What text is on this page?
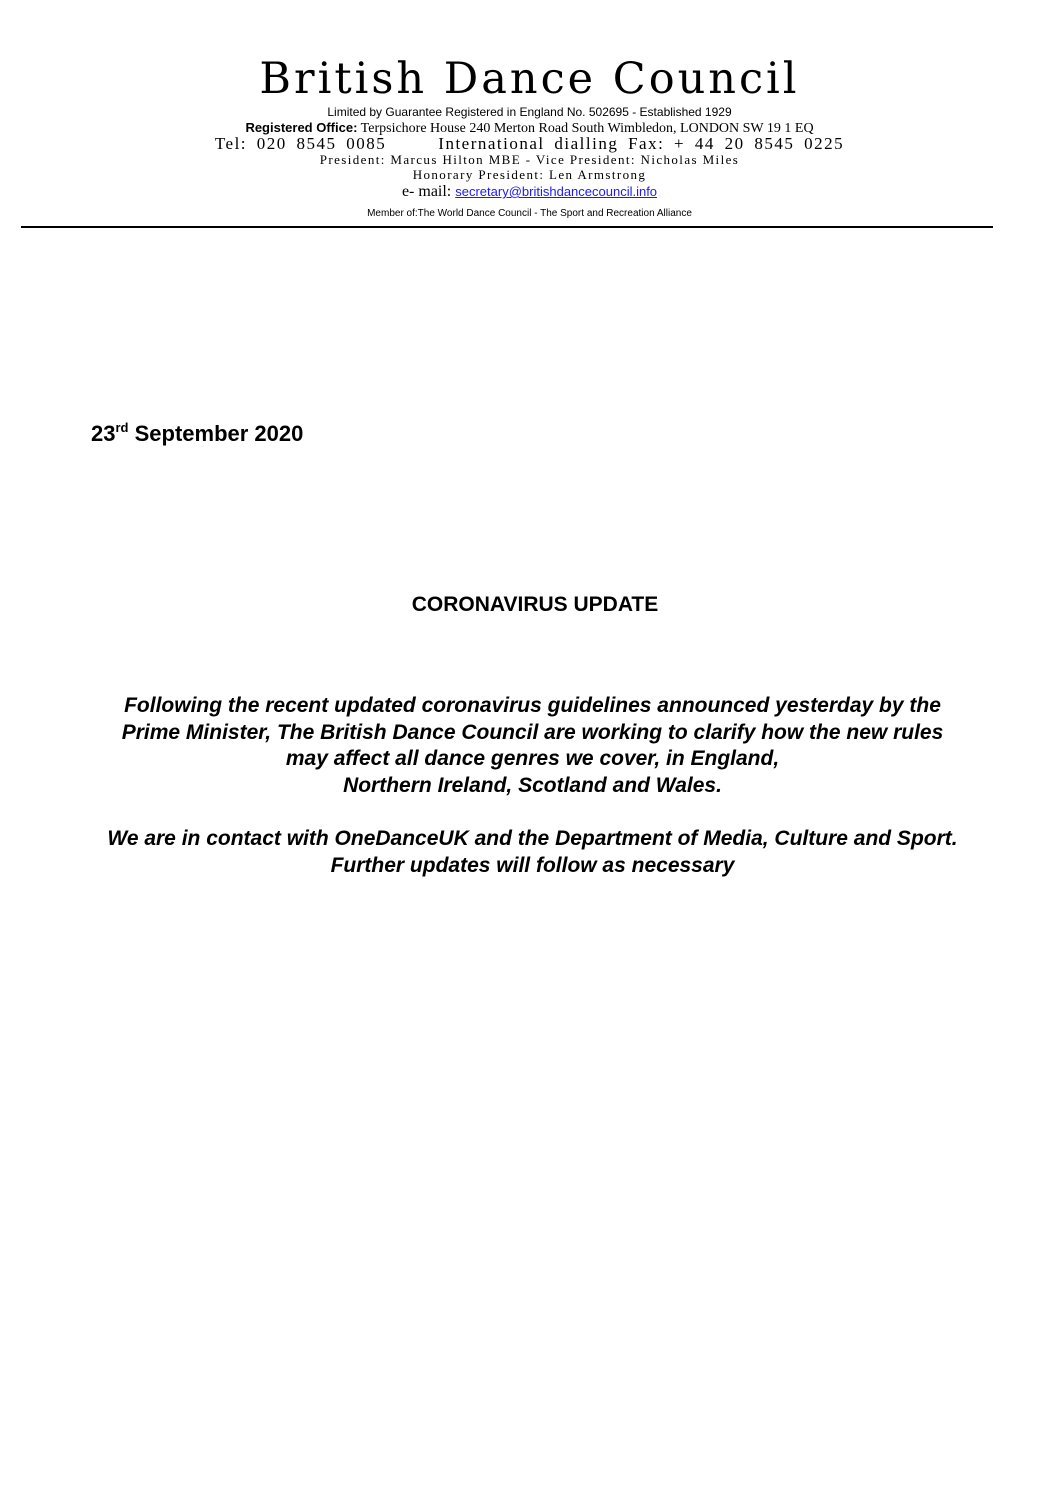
British Dance Council
Limited by Guarantee Registered in England No. 502695 - Established 1929
Registered Office: Terpsichore House 240 Merton Road South Wimbledon, LONDON SW 19 1 EQ
Tel: 020 8545 0085	International dialling Fax: + 44 20 8545 0225
President: Marcus Hilton MBE - Vice President: Nicholas Miles
Honorary President: Len Armstrong
e- mail: secretary@britishdancecouncil.info
Member of:The World Dance Council - The Sport and Recreation Alliance
23rd September 2020
CORONAVIRUS UPDATE

Following the recent updated coronavirus guidelines announced yesterday by the
Prime Minister, The British Dance Council are working to clarify how the new rules
may affect all dance genres we cover, in England,
Northern Ireland, Scotland and Wales.

We are in contact with OneDanceUK and the Department of Media, Culture and Sport.
Further updates will follow as necessary
